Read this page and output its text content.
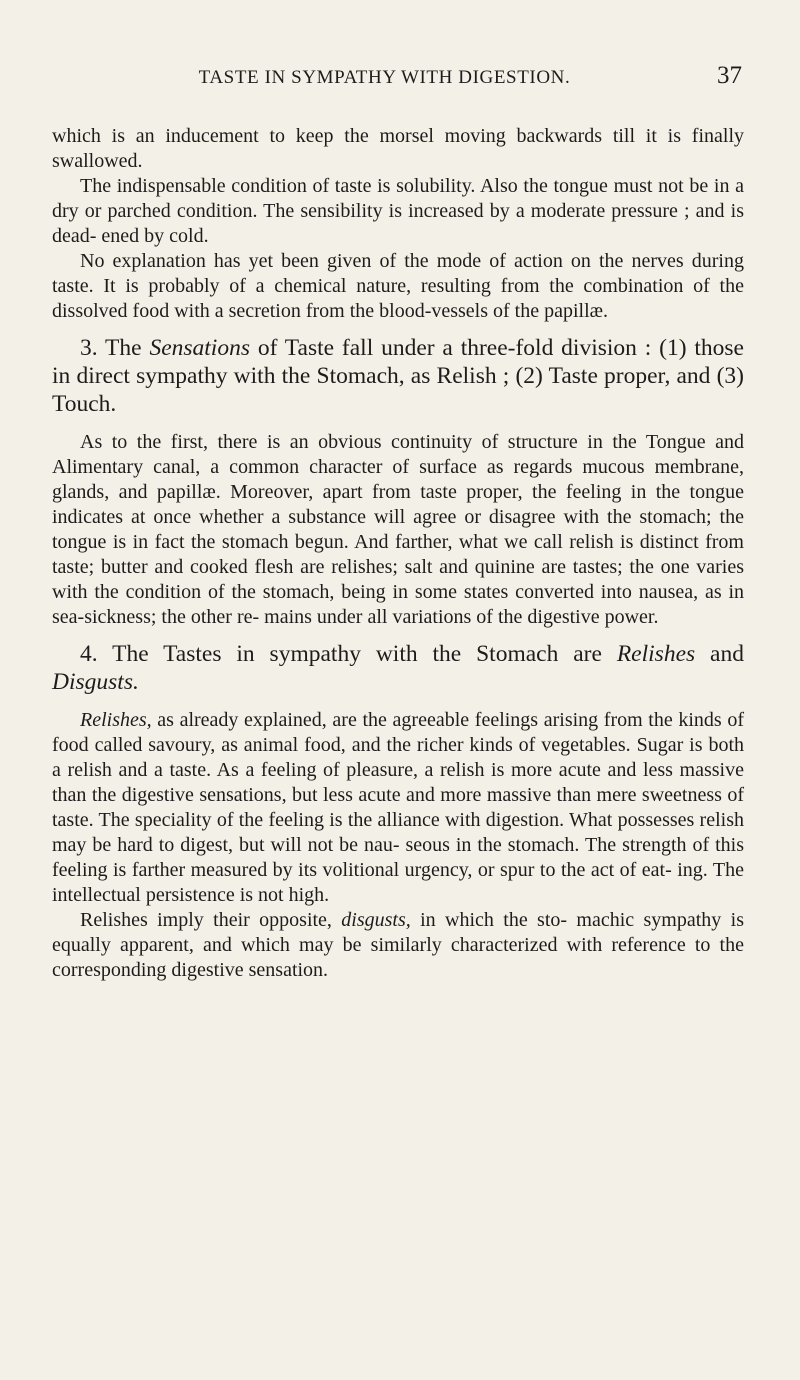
TASTE IN SYMPATHY WITH DIGESTION.	37

which is an inducement to keep the morsel moving backwards till it is finally swallowed.

The indispensable condition of taste is solubility. Also the tongue must not be in a dry or parched condition. The sensibility is increased by a moderate pressure ; and is dead- ened by cold.

No explanation has yet been given of the mode of action on the nerves during taste. It is probably of a chemical nature, resulting from the combination of the dissolved food with a secretion from the blood-vessels of the papillæ.

3. The Sensations of Taste fall under a three-fold division : (1) those in direct sympathy with the Stomach, as Relish ; (2) Taste proper, and (3) Touch.

As to the first, there is an obvious continuity of structure in the Tongue and Alimentary canal, a common character of surface as regards mucous membrane, glands, and papillæ. Moreover, apart from taste proper, the feeling in the tongue indicates at once whether a substance will agree or disagree with the stomach; the tongue is in fact the stomach begun. And farther, what we call relish is distinct from taste; butter and cooked flesh are relishes; salt and quinine are tastes; the one varies with the condition of the stomach, being in some states converted into nausea, as in sea-sickness; the other re- mains under all variations of the digestive power.

4. The Tastes in sympathy with the Stomach are Relishes and Disgusts.

Relishes, as already explained, are the agreeable feelings arising from the kinds of food called savoury, as animal food, and the richer kinds of vegetables. Sugar is both a relish and a taste. As a feeling of pleasure, a relish is more acute and less massive than the digestive sensations, but less acute and more massive than mere sweetness of taste. The speciality of the feeling is the alliance with digestion. What possesses relish may be hard to digest, but will not be nau- seous in the stomach. The strength of this feeling is farther measured by its volitional urgency, or spur to the act of eat- ing. The intellectual persistence is not high.

Relishes imply their opposite, disgusts, in which the sto- machic sympathy is equally apparent, and which may be similarly characterized with reference to the corresponding digestive sensation.
